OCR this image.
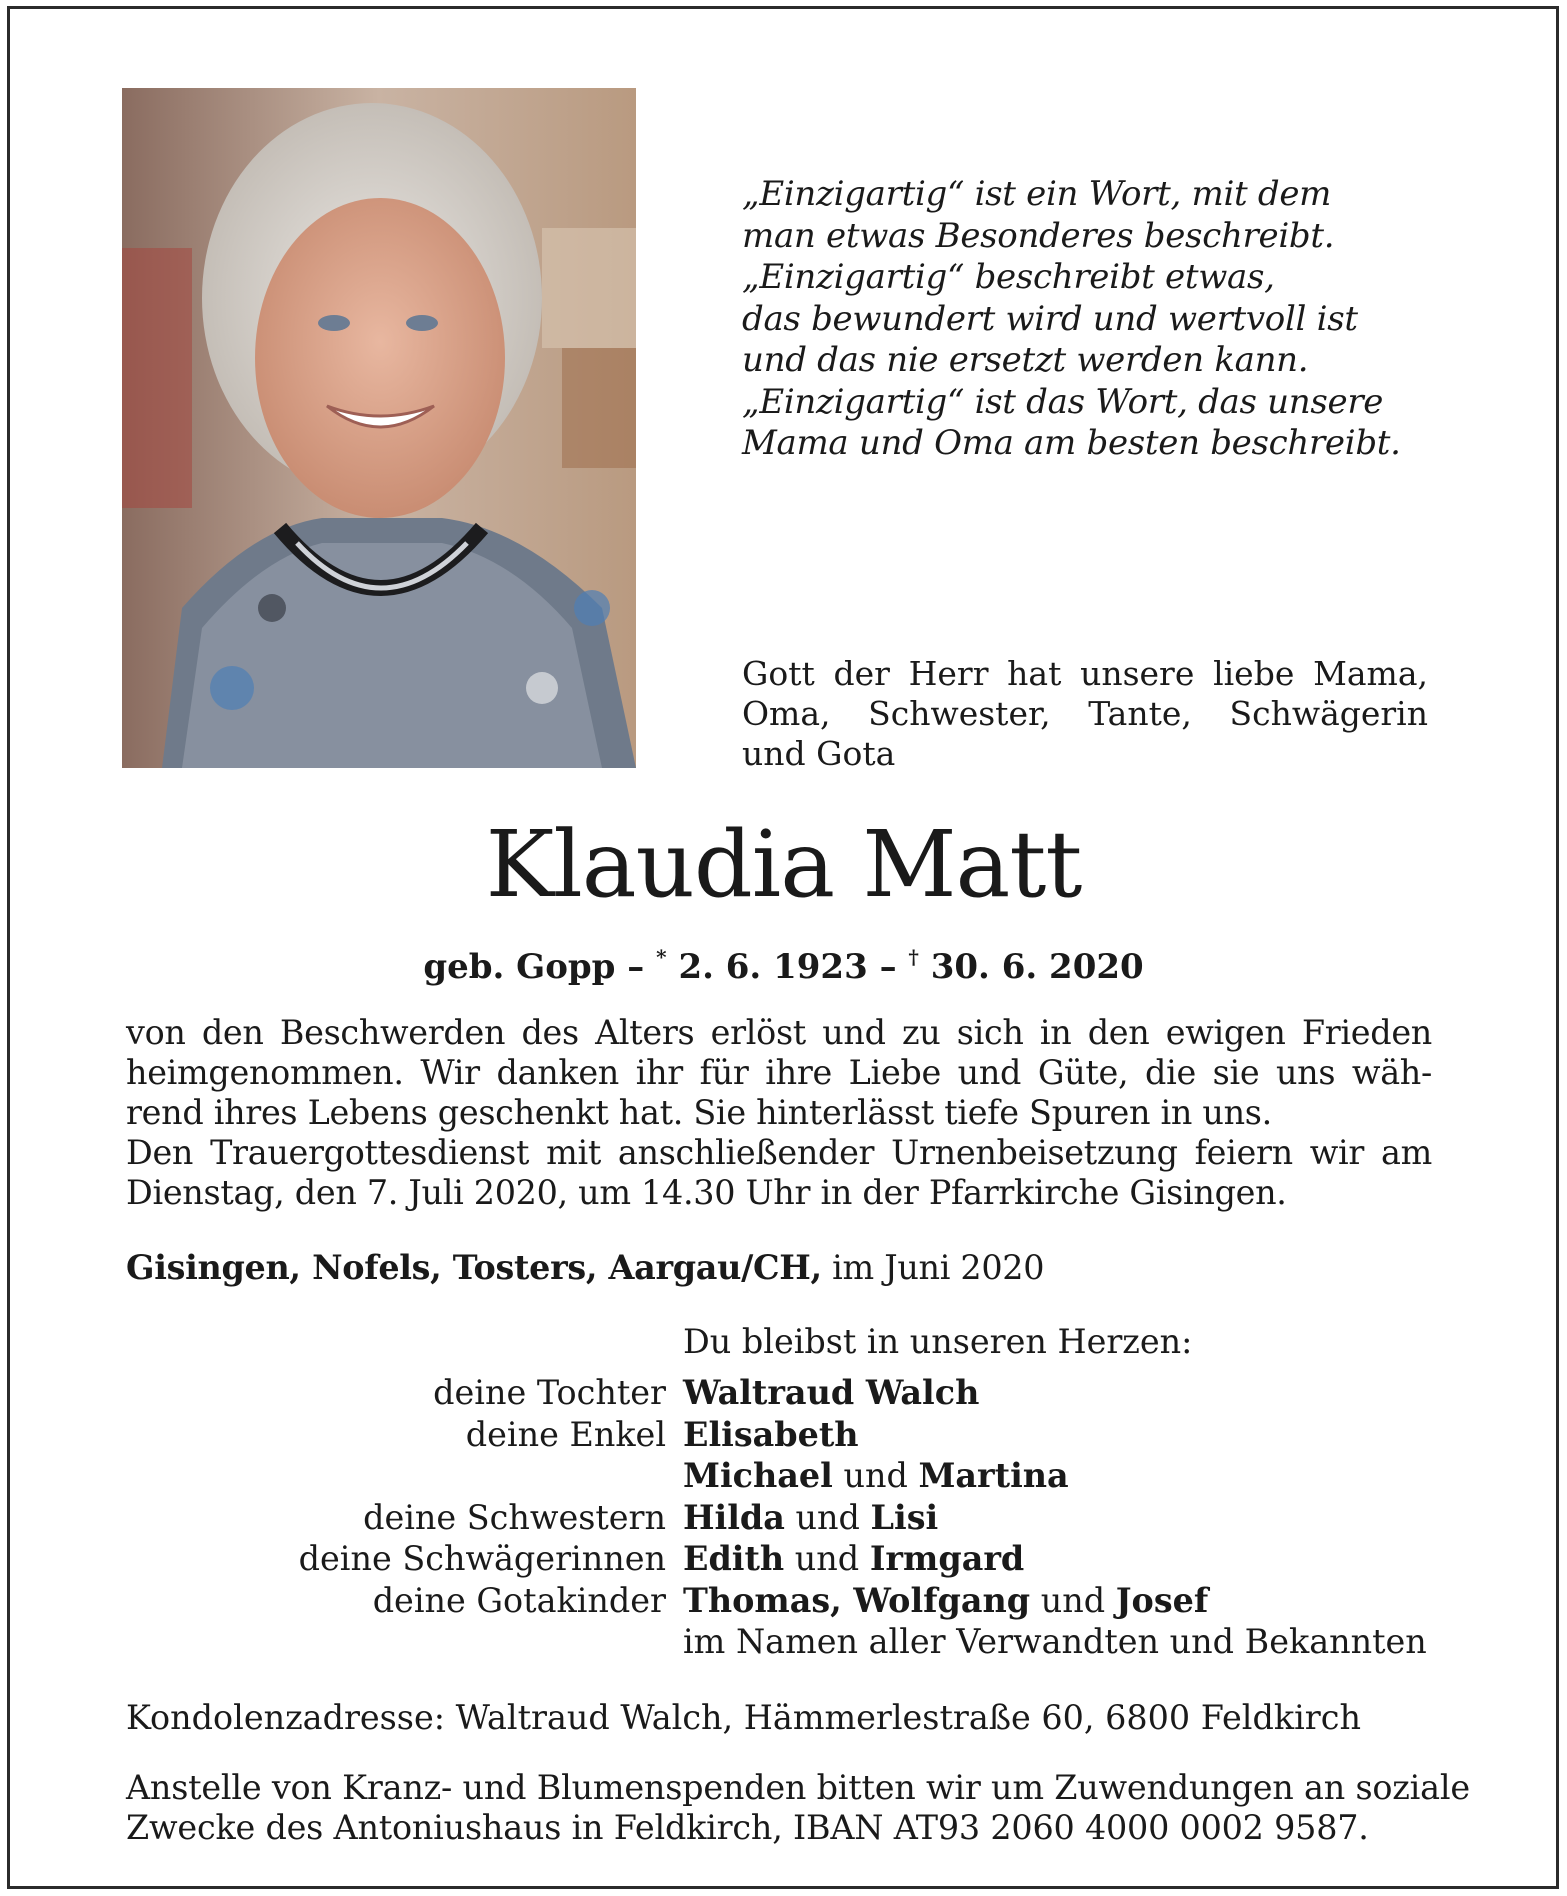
„Einzigartig“ ist ein Wort, mit dem
man etwas Besonderes beschreibt.
„Einzigartig“ beschreibt etwas,
das bewundert wird und wertvoll ist
und das nie ersetzt werden kann.
„Einzigartig“ ist das Wort, das unsere
Mama und Oma am besten beschreibt.
Gott der Herr hat unsere liebe Mama,
Oma, Schwester, Tante, Schwägerin
und Gota
Klaudia Matt
geb. Gopp – * 2. 6. 1923 – † 30. 6. 2020
von den Beschwerden des Alters erlöst und zu sich in den ewigen Frieden
heimgenommen. Wir danken ihr für ihre Liebe und Güte, die sie uns wäh-
rend ihres Lebens geschenkt hat. Sie hinterlässt tiefe Spuren in uns.
Den Trauergottesdienst mit anschließender Urnenbeisetzung feiern wir am
Dienstag, den 7. Juli 2020, um 14.30 Uhr in der Pfarrkirche Gisingen.
Gisingen, Nofels, Tosters, Aargau/CH, im Juni 2020
Du bleibst in unseren Herzen:
deine Tochter Waltraud Walch
deine Enkel Elisabeth
Michael und Martina
deine Schwestern Hilda und Lisi
deine Schwägerinnen Edith und Irmgard
deine Gotakinder Thomas, Wolfgang und Josef
im Namen aller Verwandten und Bekannten
Kondolenzadresse: Waltraud Walch, Hämmerlestraße 60, 6800 Feldkirch
Anstelle von Kranz- und Blumenspenden bitten wir um Zuwendungen an soziale
Zwecke des Antoniushaus in Feldkirch, IBAN AT93 2060 4000 0002 9587.
